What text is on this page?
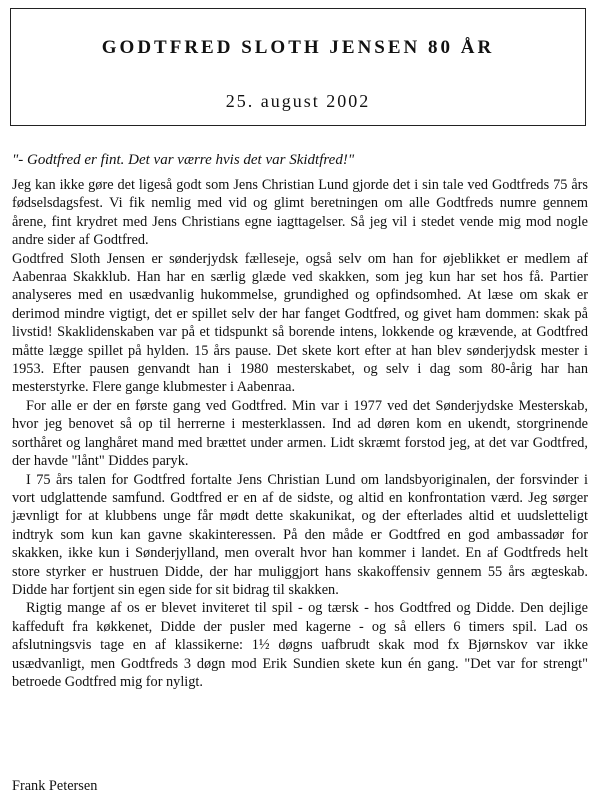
GODTFRED SLOTH JENSEN 80 ÅR
25. august 2002
"- Godtfred er fint. Det var værre hvis det var Skidtfred!"

Jeg kan ikke gøre det ligeså godt som Jens Christian Lund gjorde det i sin tale ved Godtfreds 75 års fødselsdagsfest. Vi fik nemlig med vid og glimt beretningen om alle Godtfreds numre gennem årene, fint krydret med Jens Christians egne iagttagelser. Så jeg vil i stedet vende mig mod nogle andre sider af Godtfred.

Godtfred Sloth Jensen er sønderjydsk fælleseje, også selv om han for øjeblikket er medlem af Aabenraa Skakklub. Han har en særlig glæde ved skakken, som jeg kun har set hos få. Partier analyseres med en usædvanlig hukommelse, grundighed og opfindsomhed. At læse om skak er derimod mindre vigtigt, det er spillet selv der har fanget Godtfred, og givet ham dommen: skak på livstid! Skaklidenskaben var på et tidspunkt så borende intens, lokkende og krævende, at Godtfred måtte lægge spillet på hylden. 15 års pause. Det skete kort efter at han blev sønderjydsk mester i 1953. Efter pausen genvandt han i 1980 mesterskabet, og selv i dag som 80-årig har han mesterstyrke. Flere gange klubmester i Aabenraa.

For alle er der en første gang ved Godtfred. Min var i 1977 ved det Sønderjydske Mesterskab, hvor jeg benovet så op til herrerne i mesterklassen. Ind ad døren kom en ukendt, storgrinende sorthåret og langhåret mand med brættet under armen. Lidt skræmt forstod jeg, at det var Godtfred, der havde "lånt" Diddes paryk.

I 75 års talen for Godtfred fortalte Jens Christian Lund om landsbyoriginalen, der forsvinder i vort udglattende samfund. Godtfred er en af de sidste, og altid en konfrontation værd. Jeg sørger jævnligt for at klubbens unge får mødt dette skakunikat, og der efterlades altid et uudsletteligt indtryk som kun kan gavne skakinteressen. På den måde er Godtfred en god ambassadør for skakken, ikke kun i Sønderjylland, men overalt hvor han kommer i landet. En af Godtfreds helt store styrker er hustruen Didde, der har muliggjort hans skakoffensiv gennem 55 års ægteskab. Didde har fortjent sin egen side for sit bidrag til skakken.

Rigtig mange af os er blevet inviteret til spil - og tærsk - hos Godtfred og Didde. Den dejlige kaffeduft fra køkkenet, Didde der pusler med kagerne - og så ellers 6 timers spil. Lad os afslutningsvis tage en af klassikerne: 1½ døgns uafbrudt skak mod fx Bjørnskov var ikke usædvanligt, men Godtfreds 3 døgn mod Erik Sundien skete kun én gang. "Det var for strengt" betroede Godtfred mig for nyligt.

Frank Petersen
